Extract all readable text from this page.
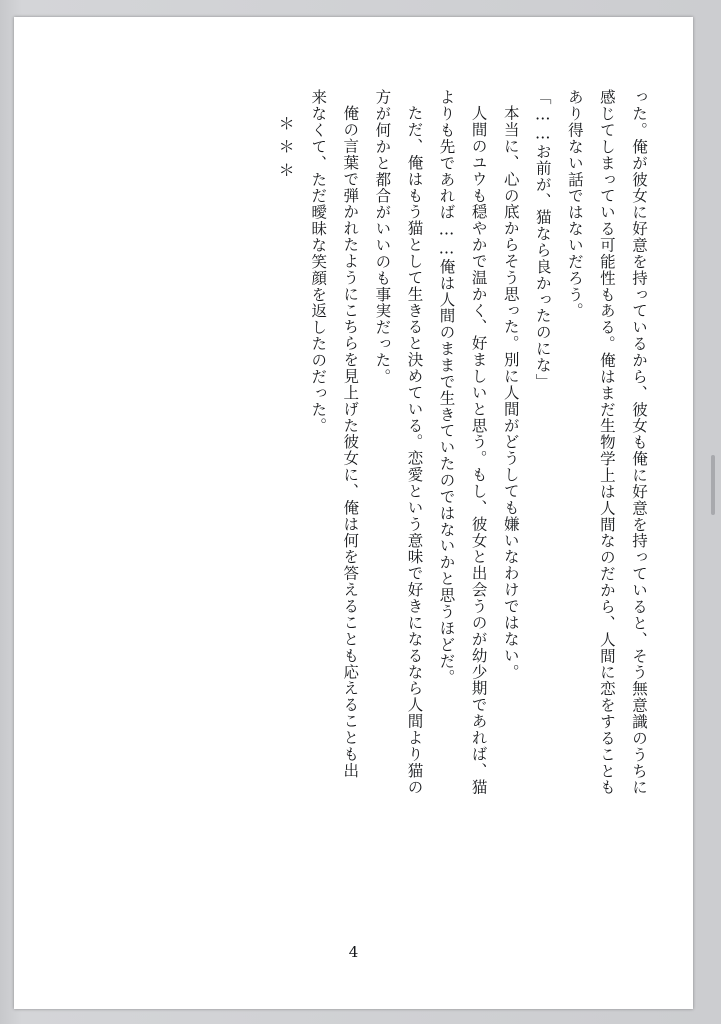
った。俺が彼女に好意を持っているから、彼女も俺に好意を持っていると、そう無意識のうちに

感じてしまっている可能性もある。俺はまだ生物学上は人間なのだから、人間に恋をすることも

あり得ない話ではないだろう。

「……お前が、猫なら良かったのにな」

本当に、心の底からそう思った。別に人間がどうしても嫌いなわけではない。

人間のユウも穏やかで温かく、好ましいと思う。もし、彼女と出会うのが幼少期であれば、猫

よりも先であれば……俺は人間のままで生きていたのではないかと思うほどだ。

ただ、俺はもう猫として生きると決めている。恋愛という意味で好きになるなら人間より猫の

方が何かと都合がいいのも事実だった。

俺の言葉で弾かれたようにこちらを見上げた彼女に、俺は何を答えることも応えることも出

来なくて、ただ曖昧な笑顔を返したのだった。

＊＊＊

4
